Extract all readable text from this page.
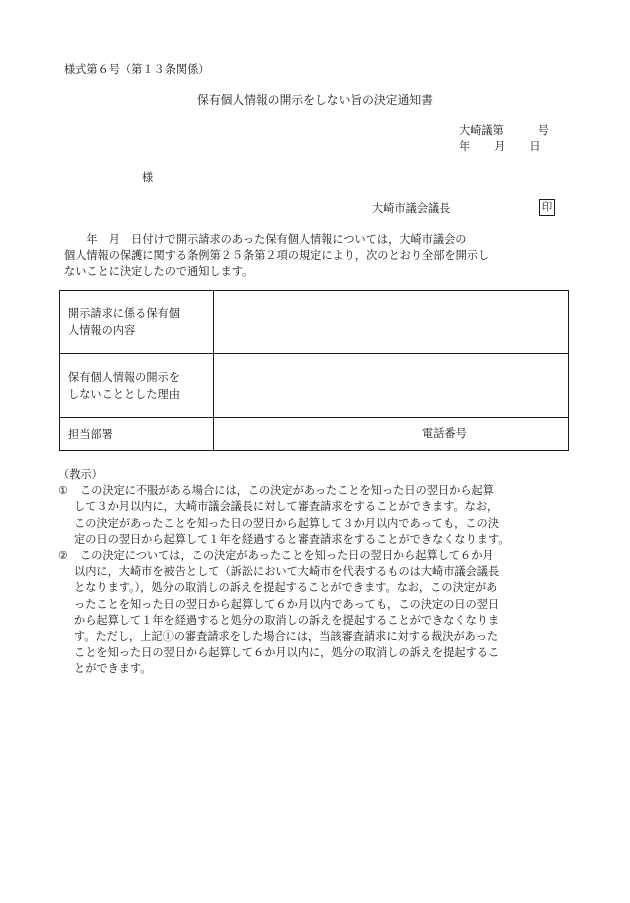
様式第６号（第１３条関係）
保有個人情報の開示をしない旨の決定通知書
大崎議第	号
年 月 日
様
大崎市議会議長	印
　　年　月　日付けで開示請求のあった保有個人情報については，大崎市議会の
個人情報の保護に関する条例第２５条第２項の規定により，次のとおり全部を開示し
ないことに決定したので通知します。
開示請求に係る保有個
人情報の内容	

保有個人情報の開示を
しないこととした理由	

担当部署	電話番号
（教示）
① この決定に不服がある場合には，この決定があったことを知った日の翌日から起算
して３か月以内に，大崎市議会議長に対して審査請求をすることができます。なお，
この決定があったことを知った日の翌日から起算して３か月以内であっても，この決
定の日の翌日から起算して１年を経過すると審査請求をすることができなくなります。
② この決定については，この決定があったことを知った日の翌日から起算して６か月
以内に，大崎市を被告として（訴訟において大崎市を代表するものは大崎市議会議長
となります。），処分の取消しの訴えを提起することができます。なお，この決定があ
ったことを知った日の翌日から起算して６か月以内であっても，この決定の日の翌日
から起算して１年を経過すると処分の取消しの訴えを提起することができなくなりま
す。ただし，上記①の審査請求をした場合には，当該審査請求に対する裁決があった
ことを知った日の翌日から起算して６か月以内に，処分の取消しの訴えを提起するこ
とができます。
